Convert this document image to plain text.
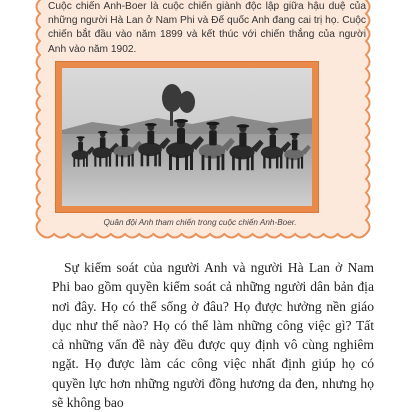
Cuộc chiến Anh-Boer là cuộc chiến giành độc lập giữa hậu duệ của những người Hà Lan ở Nam Phi và Đế quốc Anh đang cai trị họ. Cuộc chiến bắt đầu vào năm 1899 và kết thúc với chiến thắng của người Anh vào năm 1902.

Quân đội Anh tham chiến trong cuộc chiến Anh-Boer.

Sự kiểm soát của người Anh và người Hà Lan ở Nam Phi bao gồm quyền kiểm soát cả những người dân bản địa nơi đây. Họ có thể sống ở đâu? Họ được hưởng nền giáo dục như thế nào? Họ có thể làm những công việc gì? Tất cả những vấn đề này đều được quy định vô cùng nghiêm ngặt. Họ được làm các công việc nhất định giúp họ có quyền lực hơn những người đồng hương da đen, nhưng họ sẽ không bao
